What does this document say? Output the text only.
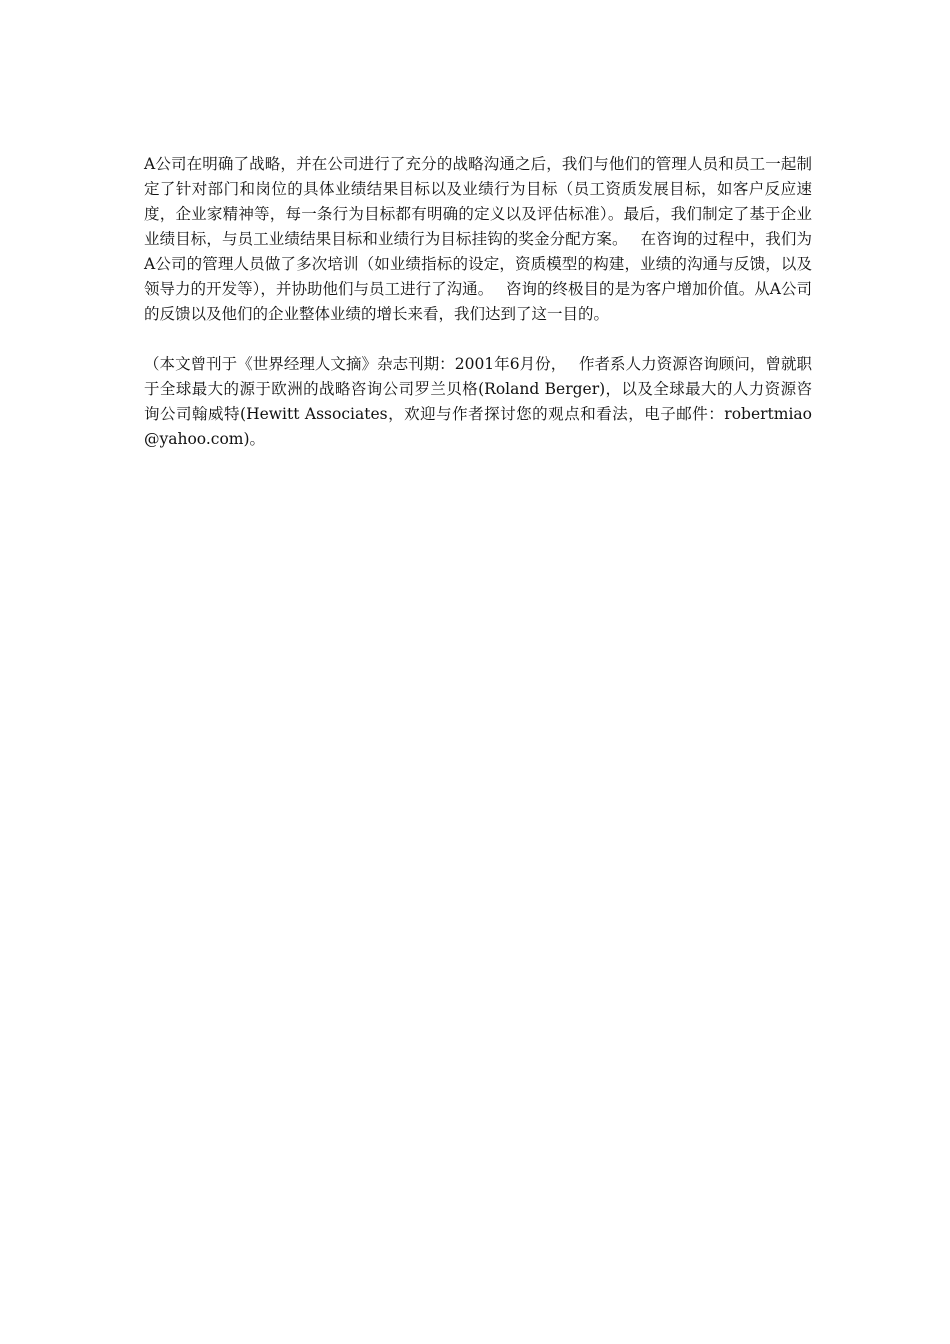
A公司在明确了战略，并在公司进行了充分的战略沟通之后，我们与他们的管理人员和员工一起制定了针对部门和岗位的具体业绩结果目标以及业绩行为目标（员工资质发展目标，如客户反应速度，企业家精神等，每一条行为目标都有明确的定义以及评估标准）。最后，我们制定了基于企业业绩目标，与员工业绩结果目标和业绩行为目标挂钩的奖金分配方案。　 在咨询的过程中，我们为A公司的管理人员做了多次培训（如业绩指标的设定，资质模型的构建，业绩的沟通与反馈，以及领导力的开发等），并协助他们与员工进行了沟通。　 咨询的终极目的是为客户增加价值。从A公司的反馈以及他们的企业整体业绩的增长来看，我们达到了这一目的。

（本文曾刊于《世界经理人文摘》杂志刊期：2001年6月份，　 作者系人力资源咨询顾问，曾就职于全球最大的源于欧洲的战略咨询公司罗兰贝格(Roland Berger)，以及全球最大的人力资源咨询公司翰威特(Hewitt Associates，欢迎与作者探讨您的观点和看法，电子邮件：robertmiao@yahoo.com)。
